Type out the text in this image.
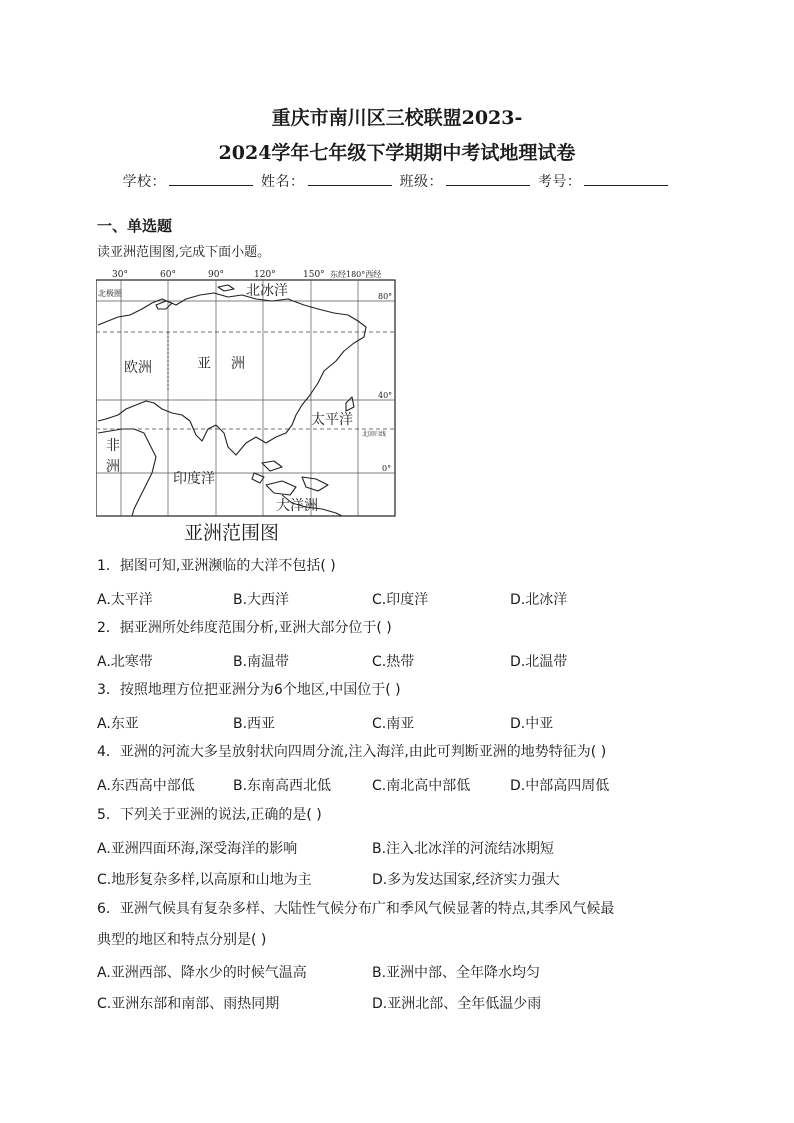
重庆市南川区三校联盟2023-
2024学年七年级下学期期中考试地理试卷
学校：	姓名：	班级：	考号：
一、单选题
读亚洲范围图,完成下面小题。
30°	60°	90°	120°	150° 东经180°西经
80°
40°
0°
北极圈
北回归线
北冰洋
欧洲	亚 洲
太平洋
非
洲
印度洋
大洋洲
亚洲范围图
1．据图可知,亚洲濒临的大洋不包括( )
A.太平洋	B.大西洋	C.印度洋	D.北冰洋
2．据亚洲所处纬度范围分析,亚洲大部分位于( )
A.北寒带	B.南温带	C.热带	D.北温带
3．按照地理方位把亚洲分为6个地区,中国位于( )
A.东亚	B.西亚	C.南亚	D.中亚
4．亚洲的河流大多呈放射状向四周分流,注入海洋,由此可判断亚洲的地势特征为( )
A.东西高中部低	B.东南高西北低	C.南北高中部低	D.中部高四周低
5．下列关于亚洲的说法,正确的是( )
A.亚洲四面环海,深受海洋的影响	B.注入北冰洋的河流结冰期短
C.地形复杂多样,以高原和山地为主	D.多为发达国家,经济实力强大
6．亚洲气候具有复杂多样、大陆性气候分布广和季风气候显著的特点,其季风气候最
典型的地区和特点分别是( )
A.亚洲西部、降水少的时候气温高	B.亚洲中部、全年降水均匀
C.亚洲东部和南部、雨热同期	D.亚洲北部、全年低温少雨
